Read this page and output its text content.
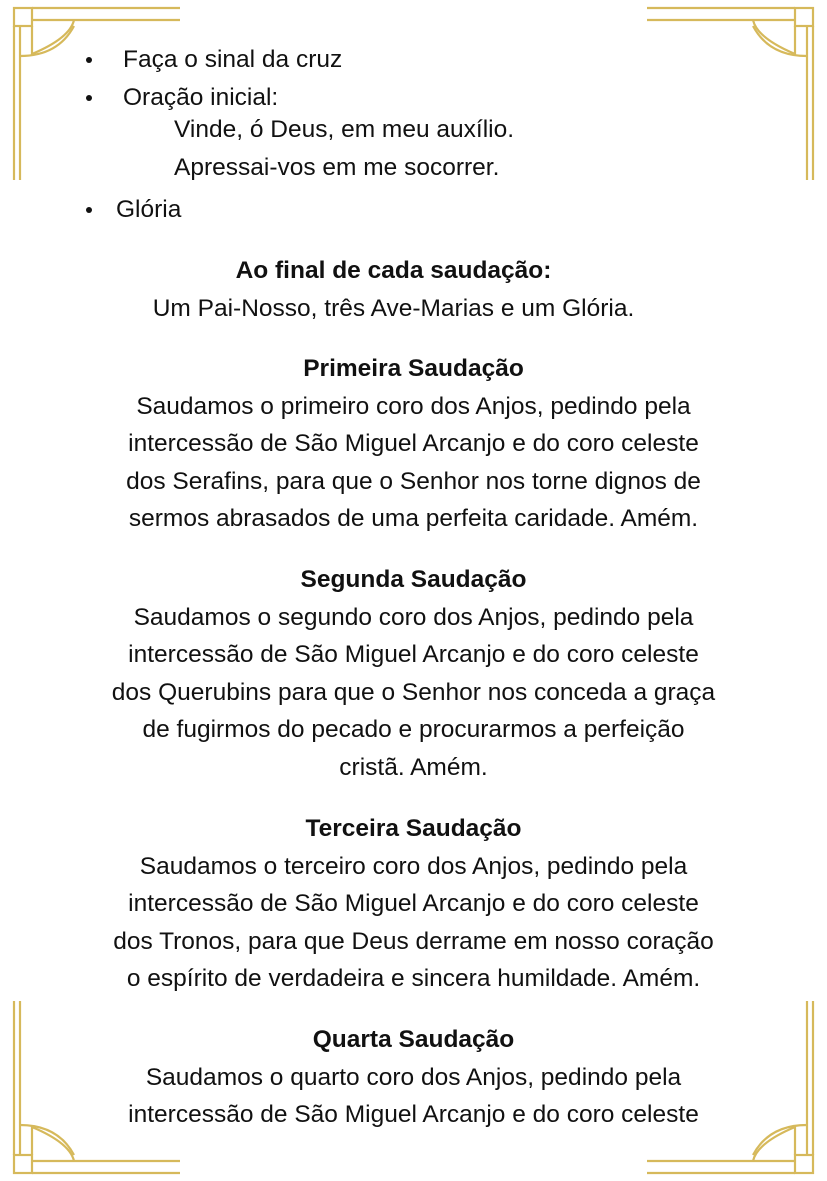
Faça o sinal da cruz
Oração inicial:
Glória
Vinde, ó Deus, em meu auxílio.
Apressai-vos em me socorrer.
Ao final de cada saudação:
Um Pai-Nosso, três Ave-Marias e um Glória.
Primeira Saudação
Saudamos o primeiro coro dos Anjos, pedindo pela
intercessão de São Miguel Arcanjo e do coro celeste
dos Serafins, para que o Senhor nos torne dignos de
sermos abrasados de uma perfeita caridade. Amém.
Segunda Saudação
Saudamos o segundo coro dos Anjos, pedindo pela
intercessão de São Miguel Arcanjo e do coro celeste
dos Querubins para que o Senhor nos conceda a graça
de fugirmos do pecado e procurarmos a perfeição
cristã. Amém.
Terceira Saudação
Saudamos o terceiro coro dos Anjos, pedindo pela
intercessão de São Miguel Arcanjo e do coro celeste
dos Tronos, para que Deus derrame em nosso coração
o espírito de verdadeira e sincera humildade. Amém.
Quarta Saudação
Saudamos o quarto coro dos Anjos, pedindo pela
intercessão de São Miguel Arcanjo e do coro celeste
